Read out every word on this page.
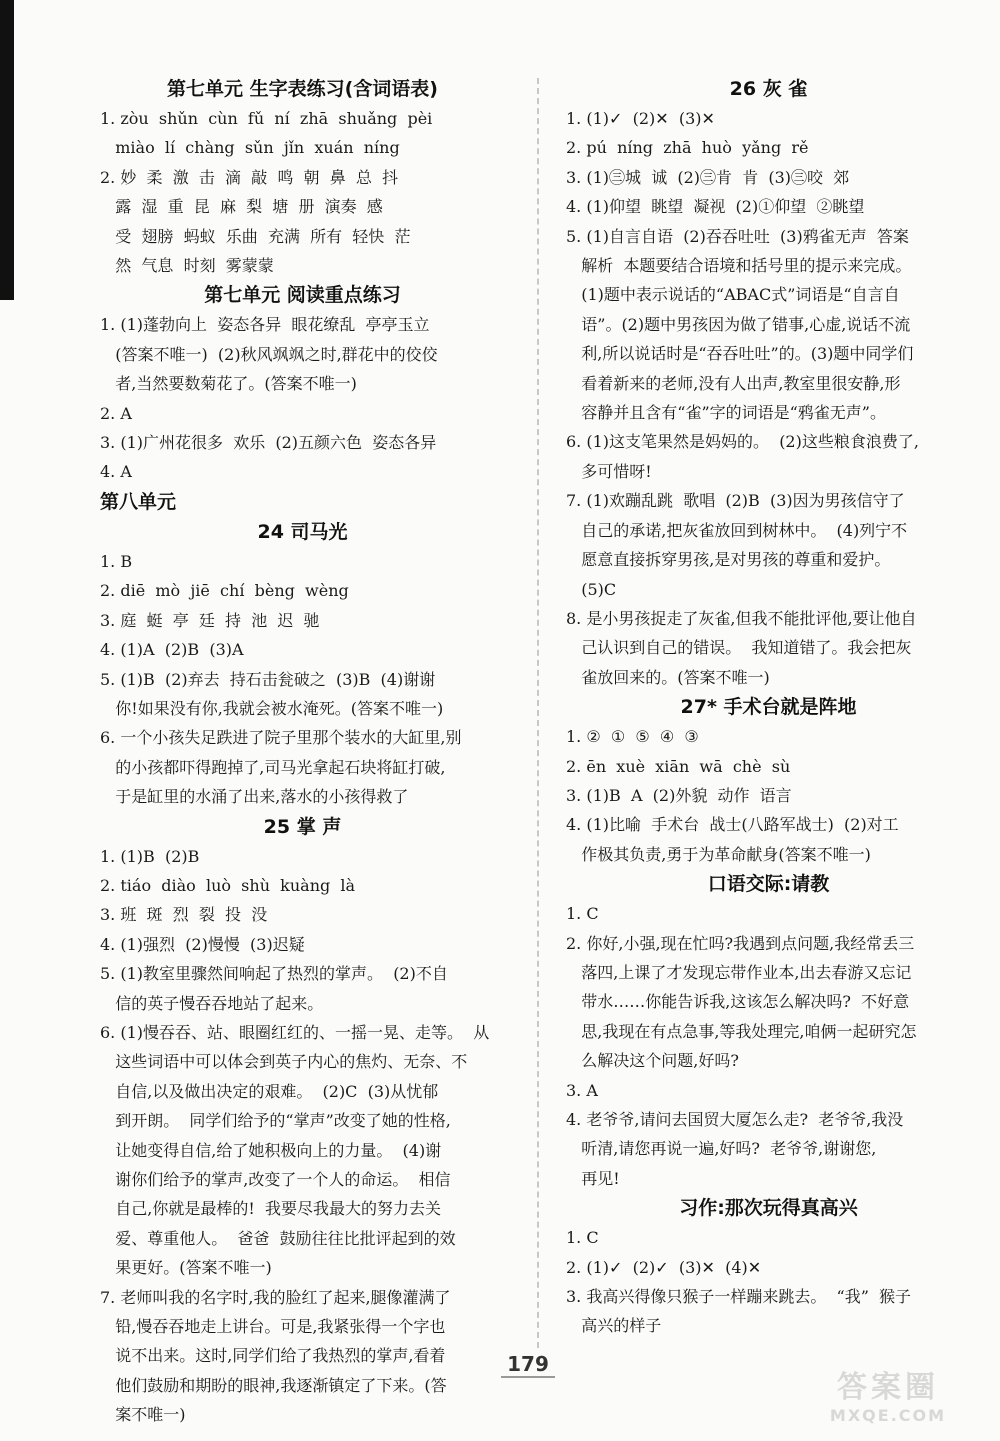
第七单元 生字表练习(含词语表)
1. zòu  shǔn  cùn  fǔ  ní  zhā  shuǎng  pèi
miào  lí  chàng  sǔn  jǐn  xuán  níng
2. 妙  柔  激  击  滴  敲  鸣  朝  鼻  总  抖
露  湿  重  昆  麻  梨  塘  册  演奏  感
受  翅膀  蚂蚁  乐曲  充满  所有  轻快  茫
然  气息  时刻  雾蒙蒙
第七单元 阅读重点练习
1. (1)蓬勃向上  姿态各异  眼花缭乱  亭亭玉立
(答案不唯一)  (2)秋风飒飒之时,群花中的佼佼
者,当然要数菊花了。(答案不唯一)
2. A
3. (1)广州花很多  欢乐  (2)五颜六色  姿态各异
4. A
第八单元
24 司马光
1. B
2. diē  mò  jiē  chí  bèng  wèng
3. 庭  蜓  亭  廷  持  池  迟  驰
4. (1)A  (2)B  (3)A
5. (1)B  (2)弃去  持石击瓮破之  (3)B  (4)谢谢
你!如果没有你,我就会被水淹死。(答案不唯一)
6. 一个小孩失足跌进了院子里那个装水的大缸里,别
的小孩都吓得跑掉了,司马光拿起石块将缸打破,
于是缸里的水涌了出来,落水的小孩得救了
25 掌 声
1. (1)B  (2)B
2. tiáo  diào  luò  shù  kuàng  là
3. 班  斑  烈  裂  投  没
4. (1)强烈  (2)慢慢  (3)迟疑
5. (1)教室里骤然间响起了热烈的掌声。  (2)不自
信的英子慢吞吞地站了起来。
6. (1)慢吞吞、站、眼圈红红的、一摇一晃、走等。  从
这些词语中可以体会到英子内心的焦灼、无奈、不
自信,以及做出决定的艰难。  (2)C  (3)从忧郁
到开朗。  同学们给予的“掌声”改变了她的性格,
让她变得自信,给了她积极向上的力量。  (4)谢
谢你们给予的掌声,改变了一个人的命运。  相信
自己,你就是最棒的!  我要尽我最大的努力去关
爱、尊重他人。  爸爸  鼓励往往比批评起到的效
果更好。(答案不唯一)
7. 老师叫我的名字时,我的脸红了起来,腿像灌满了
铅,慢吞吞地走上讲台。可是,我紧张得一个字也
说不出来。这时,同学们给了我热烈的掌声,看着
他们鼓励和期盼的眼神,我逐渐镇定了下来。(答
案不唯一)
26 灰 雀
1. (1)✓  (2)✕  (3)✕
2. pú  níng  zhā  huò  yǎng  rě
3. (1)㊂城  诚  (2)㊂肯  肯  (3)㊂咬  郊
4. (1)仰望  眺望  凝视  (2)①仰望  ②眺望
5. (1)自言自语  (2)吞吞吐吐  (3)鸦雀无声  答案
解析  本题要结合语境和括号里的提示来完成。
(1)题中表示说话的“ABAC式”词语是“自言自
语”。(2)题中男孩因为做了错事,心虚,说话不流
利,所以说话时是“吞吞吐吐”的。(3)题中同学们
看着新来的老师,没有人出声,教室里很安静,形
容静并且含有“雀”字的词语是“鸦雀无声”。
6. (1)这支笔果然是妈妈的。  (2)这些粮食浪费了,
多可惜呀!
7. (1)欢蹦乱跳  歌唱  (2)B  (3)因为男孩信守了
自己的承诺,把灰雀放回到树林中。  (4)列宁不
愿意直接拆穿男孩,是对男孩的尊重和爱护。
(5)C
8. 是小男孩捉走了灰雀,但我不能批评他,要让他自
己认识到自己的错误。  我知道错了。我会把灰
雀放回来的。(答案不唯一)
27* 手术台就是阵地
1. ②  ①  ⑤  ④  ③
2. ēn  xuè  xiān  wā  chè  sù
3. (1)B  A  (2)外貌  动作  语言
4. (1)比喻  手术台  战士(八路军战士)  (2)对工
作极其负责,勇于为革命献身(答案不唯一)
口语交际:请教
1. C
2. 你好,小强,现在忙吗?我遇到点问题,我经常丢三
落四,上课了才发现忘带作业本,出去春游又忘记
带水……你能告诉我,这该怎么解决吗?  不好意
思,我现在有点急事,等我处理完,咱俩一起研究怎
么解决这个问题,好吗?
3. A
4. 老爷爷,请问去国贸大厦怎么走?  老爷爷,我没
听清,请您再说一遍,好吗?  老爷爷,谢谢您,
再见!
习作:那次玩得真高兴
1. C
2. (1)✓  (2)✓  (3)✕  (4)✕
3. 我高兴得像只猴子一样蹦来跳去。  “我”  猴子
高兴的样子
179
答案圈
MXQE.COM
